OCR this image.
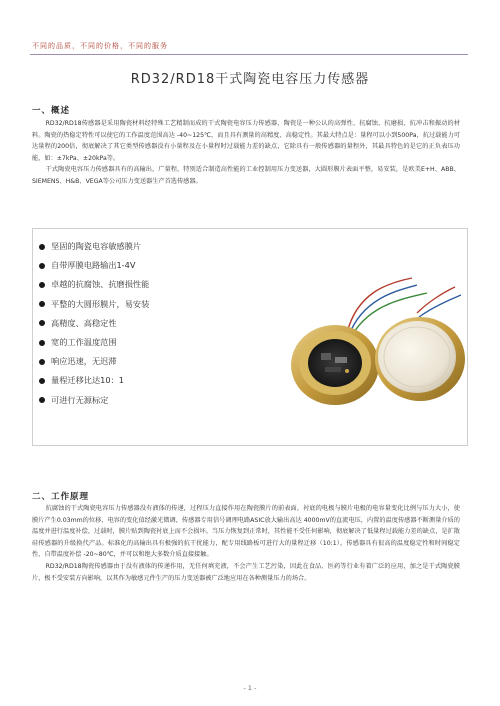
不同的品质，不同的价格，不同的服务
RD32/RD18干式陶瓷电容压力传感器
一、概述

RD32/RD18传感器是采用陶瓷材料经特殊工艺精制而成的干式陶瓷电容压力传感器，陶瓷是一种公认的高弹性、抗腐蚀、抗磨损、抗冲击和振动的材料。陶瓷的热稳定特性可以使它的工作温度范围高达 -40~125℃，而且具有测量的高精度、高稳定性。其最大特点是：量程可以小到500Pa，抗过载能力可达量程的200倍，彻底解决了其它类型传感器没有小量程及在小量程时过载能力差的缺点，它除具有一般传感器的量程外，其最具特色的是它的正负表压功能，如：±7kPa、±20kPa等。

干式陶瓷电容压力传感器具有的高输出，广量程，特别适合制造高性能的工业控制用压力变送器，大圆形膜片表面平整，易安装，是欧美E+H、ABB、SIEMENS、H&B、VEGA等公司压力变送器生产首选传感器。

坚固的陶瓷电容敏感膜片
自带厚膜电路输出1-4V
卓越的抗腐蚀、抗磨损性能
平整的大圆形膜片，易安装
高精度、高稳定性
宽的工作温度范围
响应迅速，无迟滞
量程迁移比达10：1
可进行无源标定
二、工作原理

抗腐蚀的干式陶瓷电容压力传感器没有液体的传递，过程压力直接作用在陶瓷膜片的前表面，衬底的电极与膜片电极的电容量变化比例与压力大小，使膜片产生0.03mm的位移，电容的变化值经激光微调，传感器专用信号调理电路ASIC放大输出高达 4000mV的直流电压，内置的温度传感器不断测量介质的温度并进行温度补偿，过载时，膜片贴到陶瓷衬底上而不会损坏。当压力恢复到正常时，其性能不受任何影响，彻底解决了低量程过载能力差的缺点，是扩散硅传感器的升级换代产品。标准化的高输出具有极强的抗干扰能力，配专用线路板可进行大的量程迁移（10:1），传感器具有很高的温度稳定性和时间稳定性，自带温度补偿 -20~80℃，并可以和绝大多数介质直接接触。

RD32/RD18陶瓷传感器由于没有液体的传递作用，无任何填充液，不会产生工艺污染，因此在食品、医药等行业有着广泛的应用，加之是干式陶瓷膜片，极不受安装方向影响，以其作为敏感元件生产的压力变送器被广泛地应用在各种测量压力的场合。

- 1 -
